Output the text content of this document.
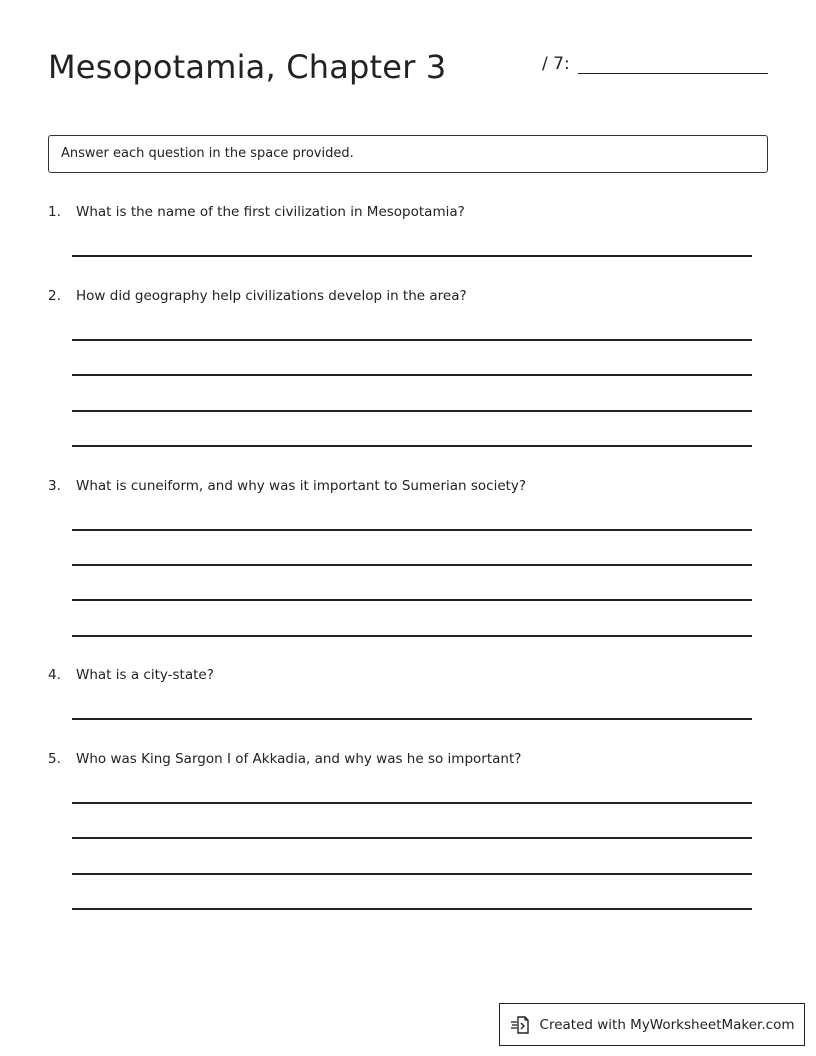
Mesopotamia, Chapter 3	/ 7:
Answer each question in the space provided.
1.	What is the name of the first civilization in Mesopotamia?
2.	How did geography help civilizations develop in the area?
3.	What is cuneiform, and why was it important to Sumerian society?
4.	What is a city-state?
5.	Who was King Sargon I of Akkadia, and why was he so important?
Created with MyWorksheetMaker.com
